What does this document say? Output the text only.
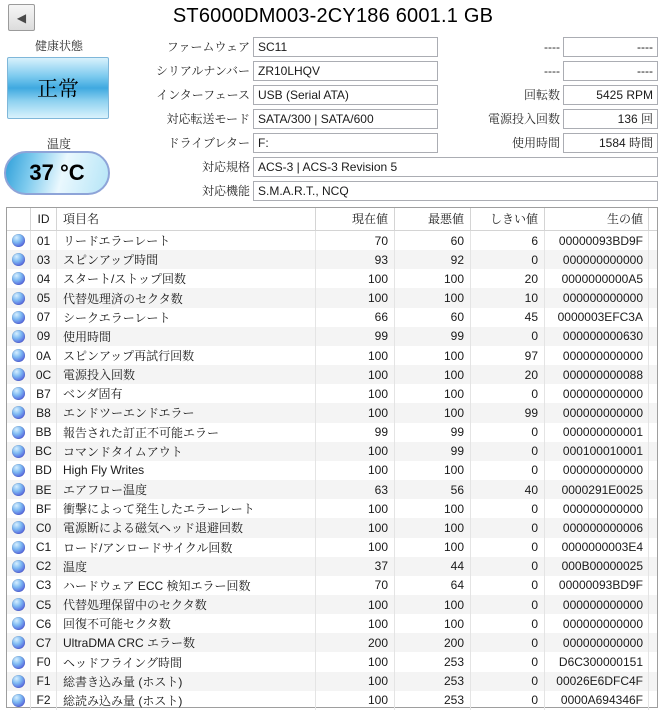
◀	ST6000DM003-2CY186 6001.1 GB
健康状態
正常
温度
37 °C
ファームウェア SC11
シリアルナンバー ZR10LHQV
インターフェース USB (Serial ATA)
対応転送モード SATA/300 | SATA/600
ドライブレター F:
対応規格 ACS-3 | ACS-3 Revision 5
対応機能 S.M.A.R.T., NCQ
----	----
----	----
回転数	5425 RPM
電源投入回数	136 回
使用時間	1584 時間
ID	項目名	現在値	最悪値	しきい値	生の値
01	リードエラーレート	70	60	6	00000093BD9F
03	スピンアップ時間	93	92	0	000000000000
04	スタート/ストップ回数	100	100	20	0000000000A5
05	代替処理済のセクタ数	100	100	10	000000000000
07	シークエラーレート	66	60	45	0000003EFC3A
09	使用時間	99	99	0	000000000630
0A	スピンアップ再試行回数	100	100	97	000000000000
0C 電源投入回数	100	100	20	000000000088
B7	ベンダ固有	100	100	0	000000000000
B8	エンドツーエンドエラー	100	100	99	000000000000
BB 報告された訂正不可能エラー	99	99	0	000000000001
BC コマンドタイムアウト	100	99	0	000100010001
BD High Fly Writes	100	100	0	000000000000
BE エアフロー温度	63	56	40	0000291E0025
BF 衝撃によって発生したエラーレート	100	100	0	000000000000
C0 電源断による磁気ヘッド退避回数	100	100	0	000000000006
C1 ロード/アンロードサイクル回数	100	100	0	0000000003E4
C2 温度	37	44	0	000B00000025
C3 ハードウェア ECC 検知エラー回数	70	64	0	00000093BD9F
C5 代替処理保留中のセクタ数	100	100	0	000000000000
C6 回復不可能セクタ数	100	100	0	000000000000
C7 UltraDMA CRC エラー数	200	200	0	000000000000
F0	ヘッドフライング時間	100	253	0	D6C300000151
F1	総書き込み量 (ホスト)	100	253	0	00026E6DFC4F
F2	総読み込み量 (ホスト)	100	253	0	0000A694346F
